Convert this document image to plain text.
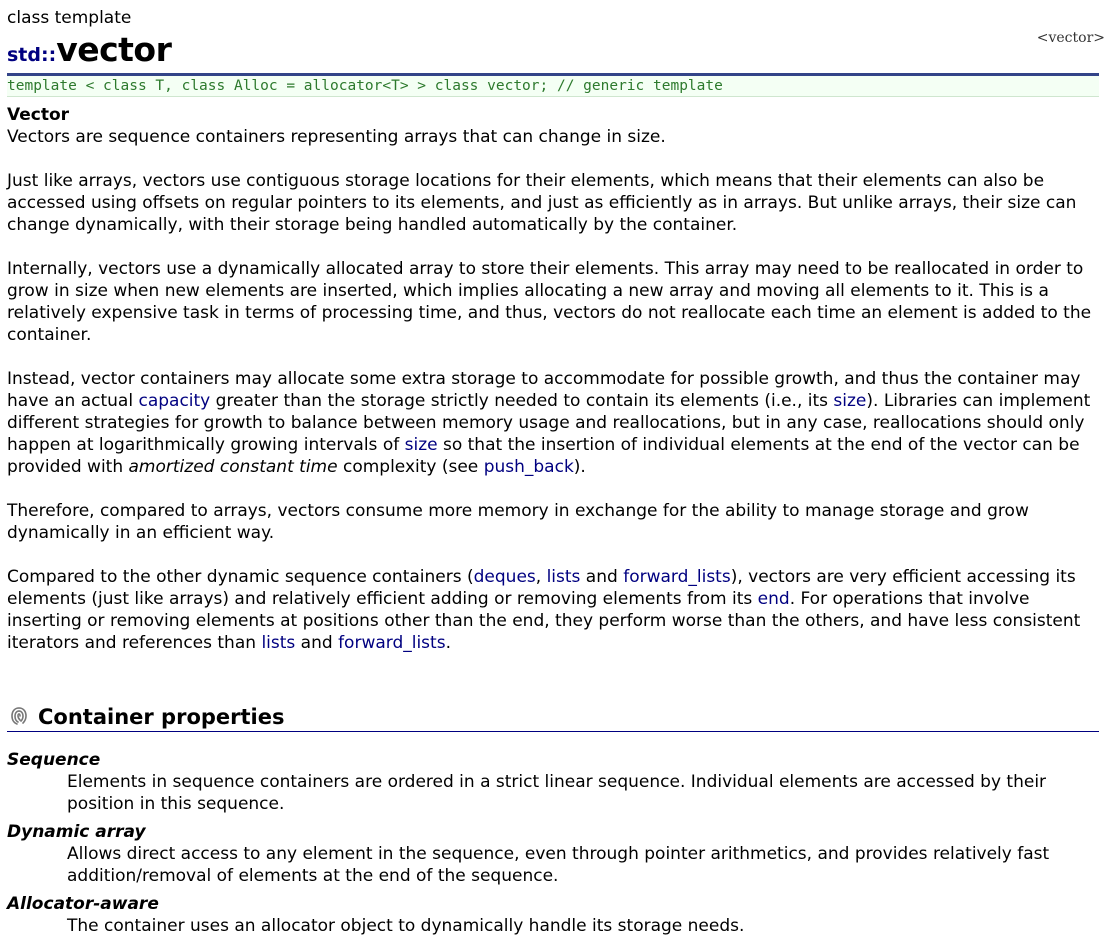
class template
std::vector	<vector>
template < class T, class Alloc = allocator<T> > class vector; // generic template
Vector

Vectors are sequence containers representing arrays that can change in size.

Just like arrays, vectors use contiguous storage locations for their elements, which means that their elements can also be accessed using offsets on regular pointers to its elements, and just as efficiently as in arrays. But unlike arrays, their size can change dynamically, with their storage being handled automatically by the container.

Internally, vectors use a dynamically allocated array to store their elements. This array may need to be reallocated in order to grow in size when new elements are inserted, which implies allocating a new array and moving all elements to it. This is a relatively expensive task in terms of processing time, and thus, vectors do not reallocate each time an element is added to the container.

Instead, vector containers may allocate some extra storage to accommodate for possible growth, and thus the container may have an actual capacity greater than the storage strictly needed to contain its elements (i.e., its size). Libraries can implement different strategies for growth to balance between memory usage and reallocations, but in any case, reallocations should only happen at logarithmically growing intervals of size so that the insertion of individual elements at the end of the vector can be provided with amortized constant time complexity (see push_back).

Therefore, compared to arrays, vectors consume more memory in exchange for the ability to manage storage and grow dynamically in an efficient way.

Compared to the other dynamic sequence containers (deques, lists and forward_lists), vectors are very efficient accessing its elements (just like arrays) and relatively efficient adding or removing elements from its end. For operations that involve inserting or removing elements at positions other than the end, they perform worse than the others, and have less consistent iterators and references than lists and forward_lists.

Container properties
Sequence
Elements in sequence containers are ordered in a strict linear sequence. Individual elements are accessed by their position in this sequence.
Dynamic array
Allows direct access to any element in the sequence, even through pointer arithmetics, and provides relatively fast addition/removal of elements at the end of the sequence.
Allocator-aware
The container uses an allocator object to dynamically handle its storage needs.
